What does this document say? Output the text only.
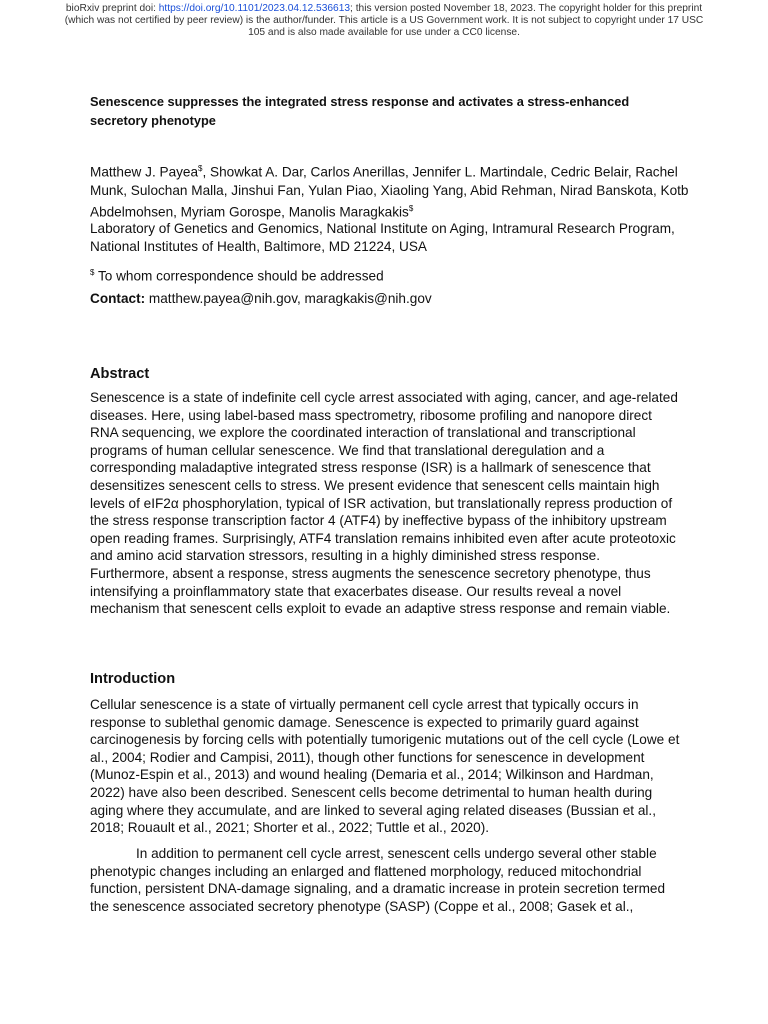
bioRxiv preprint doi: https://doi.org/10.1101/2023.04.12.536613; this version posted November 18, 2023. The copyright holder for this preprint
(which was not certified by peer review) is the author/funder. This article is a US Government work. It is not subject to copyright under 17 USC
105 and is also made available for use under a CC0 license.

Senescence suppresses the integrated stress response and activates a stress-enhanced secretory phenotype

Matthew J. Payea$, Showkat A. Dar, Carlos Anerillas, Jennifer L. Martindale, Cedric Belair, Rachel Munk, Sulochan Malla, Jinshui Fan, Yulan Piao, Xiaoling Yang, Abid Rehman, Nirad Banskota, Kotb Abdelmohsen, Myriam Gorospe, Manolis Maragkakis$

Laboratory of Genetics and Genomics, National Institute on Aging, Intramural Research Program, National Institutes of Health, Baltimore, MD 21224, USA

$ To whom correspondence should be addressed

Contact: matthew.payea@nih.gov, maragkakis@nih.gov

Abstract

Senescence is a state of indefinite cell cycle arrest associated with aging, cancer, and age-related diseases. Here, using label-based mass spectrometry, ribosome profiling and nanopore direct RNA sequencing, we explore the coordinated interaction of translational and transcriptional programs of human cellular senescence. We find that translational deregulation and a corresponding maladaptive integrated stress response (ISR) is a hallmark of senescence that desensitizes senescent cells to stress. We present evidence that senescent cells maintain high levels of eIF2α phosphorylation, typical of ISR activation, but translationally repress production of the stress response transcription factor 4 (ATF4) by ineffective bypass of the inhibitory upstream open reading frames. Surprisingly, ATF4 translation remains inhibited even after acute proteotoxic and amino acid starvation stressors, resulting in a highly diminished stress response. Furthermore, absent a response, stress augments the senescence secretory phenotype, thus intensifying a proinflammatory state that exacerbates disease. Our results reveal a novel mechanism that senescent cells exploit to evade an adaptive stress response and remain viable.

Introduction

Cellular senescence is a state of virtually permanent cell cycle arrest that typically occurs in response to sublethal genomic damage. Senescence is expected to primarily guard against carcinogenesis by forcing cells with potentially tumorigenic mutations out of the cell cycle (Lowe et al., 2004; Rodier and Campisi, 2011), though other functions for senescence in development (Munoz-Espin et al., 2013) and wound healing (Demaria et al., 2014; Wilkinson and Hardman, 2022) have also been described. Senescent cells become detrimental to human health during aging where they accumulate, and are linked to several aging related diseases (Bussian et al., 2018; Rouault et al., 2021; Shorter et al., 2022; Tuttle et al., 2020).

In addition to permanent cell cycle arrest, senescent cells undergo several other stable phenotypic changes including an enlarged and flattened morphology, reduced mitochondrial function, persistent DNA-damage signaling, and a dramatic increase in protein secretion termed the senescence associated secretory phenotype (SASP) (Coppe et al., 2008; Gasek et al.,
